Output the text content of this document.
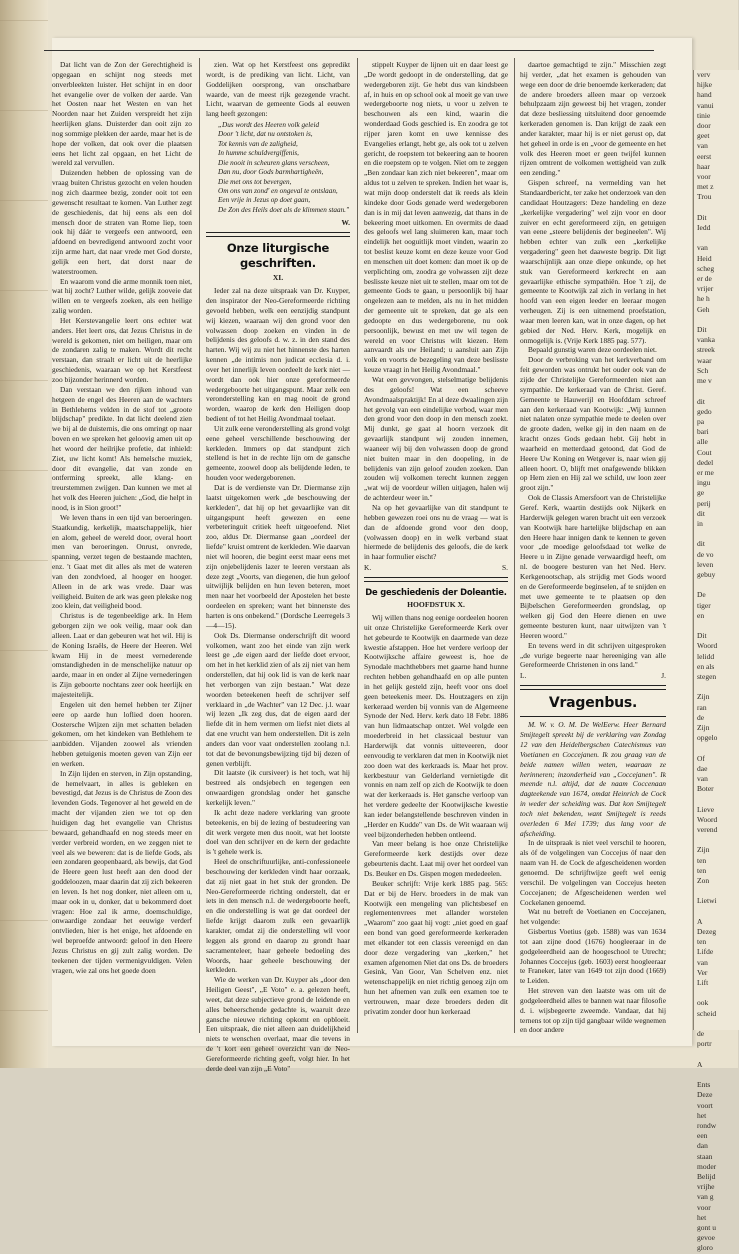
verv
hijke
hand
vanui
tinie
door
geet
van
eerst
haar
voor
met z
Trou

Dit
Iedd

van
Heid
scheg
er de
vrijer
he h
Geh

Dit
vanka
streek
waar
Sch
me v

dit
gedo
pa
bari
alle
Cout
dedel
er me
ingu
ge
perij
dit
in

dit
de vo
leven
gebuy

De
tiger
en

Dit
Woord
lelidd
en als
stegen

Zijn
ran
de
Zijn
opgelo

Of
dae
van
Boter

Lieve
Woord
verend

Zijn
ten
ten
Zon

Lietwi

A
Dezeg
ten
Lifde
van
Ver
Lift

ook
scheid

de
portr

A

Ents
Deze
voort
het
rondw
een
dan
staan
moder
Belijd
vrijhe
van g
voor
het
gont u
gevoe
gloro

Dat licht van de Zon der Gerechtigheid is opgegaan en schijnt nog steeds met onverbleekten luister. Het schijnt in en door het evangelie over de volken der aarde. Van het Oosten naar het Westen en van het Noorden naar het Zuiden verspreidt het zijn heerlijken glans. Duisterder dan ooit zijn zo nog sommige plekken der aarde, maar het is de hope der volken, dat ook over die plaatsen eens het licht zal opgaan, en het Licht de wereld zal vervullen.

Duizenden hebben de oplossing van de vraag buiten Christus gezocht en velen houden nog zich daarmee bezig, zonder ooit tot een gewenscht resultaat te komen. Van Luther zegt de geschiedenis, dat hij eens als een dol mensch door de straten van Rome liep, toen ook hij dáár te vergeefs een antwoord, een afdoend en bevredigend antwoord zocht voor zijn arme hart, dat naar vrede met God dorste, gelijk een hert, dat dorst naar de waterstroomen.

En waarom vond die arme monnik toen niet, wat hij zocht? Luther wilde, gelijk zooveie dat willen en te vergeefs zoeken, als een heilige zalig worden.

Het Kerstevangelie leert ons echter wat anders. Het leert ons, dat Jezus Christus in de wereld is gekomen, niet om heiligen, maar om de zondaren zalig te maken. Wordt dit recht verstaan, dan straalt er licht uit de heerlijke geschiedenis, waaraan we op het Kerstfeest zoo bijzonder herinnerd worden.

Dan verstaan we den rijken inhoud van hetgeen de engel des Heeren aan de wachters in Bethlehems velden in de stof tot „groote blijdschap" predikte. In dat licht deelend zien we bij al de duisternis, die ons omringt op naar boven en we spreken het geloovig amen uit op het woord der heilrijke profetie, dat inhield: Ziet, uw licht komt! Als hemelsche muziek, door dit evangelie, dat van zonde en ontferming spreekt, alle klang- en treurstemmen zwijgen. Dan kunnen we met al het volk des Heeren juichen: „God, die helpt in nood, is in Sion groot!"

We leven thans in een tijd van beroeringen. Staatkundig, kerkelijk, maatschappelijk, hier en alom, geheel de wereld door, overal hoort men van beroeringen. Onrust, onvrede, spanning, verzet tegen de bestaande machten, enz. 't Gaat met dit alles als met de wateren van den zondvloed, al hooger en hooger. Alleen in de ark was vrede. Daar was veiligheid. Buiten de ark was geen plekske nog zoo klein, dat veiligheid bood.

Christus is de tegenbeeldige ark. In Hem geborgen zijn we ook veilig, maar ook dan alleen. Laat er dan gebeuren wat het wil. Hij is de Koning Israëls, de Heere der Heeren. Wel kwam Hij in de meest vernederende omstandigheden in de menschelijke natuur op aarde, maar in en onder al Zijne vernederingen is Zijn geboorte nochtans zeer ook heerlijk en majesteitelijk.

Engelen uit den hemel hebben ter Zijner eere op aarde hun loflied doen hooren. Oostersche Wijzen zijn met schatten beladen gekomen, om het kindeken van Bethlehem te aanbidden. Vijanden zoowel als vrienden hebben getuigenis moeten geven van Zijn eer en werken.

In Zijn lijden en sterven, in Zijn opstanding, de hemelvaart, in alles is gebleken en bevestigd, dat Jezus is de Christus de Zoon des levenden Gods. Tegenover al het geweld en de macht der vijanden zien we tot op den huidigen dag het evangelie van Christus bewaard, gehandhaafd en nog steeds meer en verder verbreid worden, en we zeggen niet te veel als we beweren: dat is de liefde Gods, als een zondaren geopenbaard, als bewijs, dat God de Heere geen lust heeft aan den dood der goddeloozen, maar daarin dat zij zich bekeeren en leven. Is het nog donker, niet alleen om u, maar ook in u, donker, dat u bekommerd doet vragen: Hoe zal ik arme, doemschuldige, onwaardige zondaar het eeuwige verderf ontvlieden, hier is het enige, het afdoende en wel beproefde antwoord: geloof in den Heere Jezus Christus en gij zult zalig worden. De teekenen der tijden vermenigvuldigen. Velen vragen, wie zal ons het goede doen

zien. Wat op het Kerstfeest ons gepredikt wordt, is de prediking van licht. Licht, van Goddelijken oorsprong, van onschatbare waarde, van de meest rijk gezegende vracht. Licht, waarvan de gemeente Gods al eeuwen lang heeft gezongen:

„Dus wordt des Heeren volk geleid
Door 't licht, dat nu ontstoken is,
Tot kennis van de zaligheid,
In humme schuldvergiffenis,
Die nooit in scheuren glans verscheen,
Dan nu, door Gods barmhartigheën,
Die met ons tot bevergen,
Om ons van zond' en ongeval te ontslaan,
Een vrije in Jezus op doet gaan,
De Zon des Heils doet als de klimmen staan."
W.
Onze liturgische geschriften.
XI.

Ieder zal na deze uitspraak van Dr. Kuyper, den inspirator der Neo-Gereformeerde richting gevoeld hebben, welk een eenzijdig standpunt wij kiezen, waaraan wij den grond voor den volwassen doop zoeken en vinden in de belijdenis des geloofs d. w. z. in den stand des harten. Wij wij zu niet het hinnenste des harten kennen „de intimis non judicat ecclesia d. i. over het innerlijk leven oordeelt de kerk niet — wordt dan ook hier onze gereformeerde wedergeboorte het uitgangspunt. Maar zelk een veronderstelling kan en mag nooit de grond worden, waarop de kerk den Heiligen doop bedient of tot het Heilig Avondmaal toelaat.

Uit zulk eene veronderstelling als grond volgt eene geheel verschillende beschouwing der kerkleden. Immers op dat standpunt zich stellend is het in de rechte lijn om de gansche gemeente, zoowel doop als belijdende leden, te houden voor wedergeborenen.

Dat is de verdienste van Dr. Diermanse zijn laatst uitgekomen werk „de beschouwing der kerkleden", dat hij op het gevaarlijke van dit uitgangspunt heeft gewezen en eene verbeteringuit critiek heeft uitgeoefend. Niet zoo, aldus Dr. Diermanse gaan „oordeel der liefde" kruist omtrent de kerkleden. Wie daarvan niet wil hooren, die begint eerst maar eens met zijn onjebelijdenis lazer te leeren verstaan als deze zegt „Voorts, van diegenen, die hun geloof uitwijlijk belijden en hun leven beteren, moet men naar het voorbeeld der Apostelen het beste oordeelen en spreken; want het binnenste des harten is ons onbekend." (Dordsche Leerregels 3—4—15).

Ook Ds. Diermanse onderschrijft dit woord volkomen, want zoo het einde van zijn werk leest ge „de eigen aard der liefde doet ervoor, om het in het kerklid zien of als zij niet van hem onderstellen, dat hij ook lid is van de kerk naar het verborgen van zijn bestaan." Wat deze woorden beteekenen heeft de schrijver self verklaard in „de Wachter" van 12 Dec. j.l. waar wij lezen „Ik zeg dus, dat de eigen aard der liefde dit in hem vermen om liefst niet diets al dat ene vrucht van hem onderstellen. Dit is zeln anders dan voor vaat onderstellen zoolang n.l. tot dat de bevonungsbewijzing tijd bij dezen of genen verblijft.

Dit laatste (ik cursiveer) is het toch, wat hij bestreed als ondsjebech en tegengen een onwaardigen grondslag onder het gansche kerkelijk leven."

Ik acht deze nadere verklaring van groote beteekenis, en bij de lezing of bestudeering van dit werk vergete men dus nooit, wat het lootste doel van den schrijver en de kern der gedachte is 't gehele werk is.

Heel de onschriftuurlijke, anti-confessioneele beschouwing der kerkleden vindt haar oorzaak, dat zij niet gaat in het stuk der gronden. De Neo-Gereformeerde richting onderstelt, dat er iets in den mensch n.l. de wedergeboorte heeft, en die onderstelling is wat ge dat oordeel der liefde krijgt daarom zulk een gevaarlijk karakter, omdat zij die onderstelling wil voor leggen als grond en daarop zu grondt haar sacramenteleer, haar geheele bedoeling des Woords, haar geheele beschouwing der kerkleden.

Wie de werken van Dr. Kuyper als „door den Heiligen Geest", „E Voto" e. a. gelezen heeft, weet, dat deze subjectieve grond de leidende en alles beheerschende gedachte is, waaruit deze gansche nieuwe richting opkomt en opbloeit. Een uitspraak, die niet alleen aan duidelijkheid niets te wenschen overlaat, maar die tevens in de 't kort een geheel overzicht van de Neo-Gereformeerde richting geeft, volgt hier. In het derde deel van zijn „E Voto"

stippelt Kuyper de lijnen uit en daar leest ge „De wordt gedoopt in de onderstelling, dat ge wedergeboren zijt. Ge hebt dus van kindsbeen af, in huis en op school ook al moeit ge van uwe wedergeboorte nog niets, u voor u zelven te beschouwen als een kind, waarin die wonderdaad Gods geschied is. En zoodra ge tot rijper jaren komt en uwe kennisse des Evangelies erlangt, hebt ge, als ook tot u zelven gericht, de roepstem tot bekeering aan te hooren en die roepstem op te volgen. Niet om te zeggen „Ben zondaar kan zich niet bekeeren", maar om aldus tot u zelven te spreken. Indien het waar is, wat mijn doop onderstelt dat ik reeds als klein kindeke door Gods genade werd wedergeboren dan is in mij dat leven aanwezig, dat thans in de bekeering moet uitkomen. En overmits de daad des geloofs wel lang sluimeren kan, maar toch eindelijk het ooguitlijk moet vinden, waarin zo tot beslist keuze komt en deze keuze voor God en menschen uit doet komen: dan moet ik op de verplichting om, zoodra ge volwassen zijt deze beslisste keuze niet uit te stellen, maar om tot de gemeente Gods te gaan, u persoonlijk bij haar ongelezen aan te melden, als nu in het midden der gemeente uit te spreken, dat ge als een gedoopte en dus wedergeborene, nu ook persoonlijk, bewust en met uw wil tegen de wereld en voor Christus wilt kiezen. Hem aanvaardt als uw Heiland; u aansluit aan Zijn volk en voorts de bezegeling van deze beslisste keuze vraagt in het Heilig Avondmaal."

Wat een gevvongen, stelselmatige belijdenis des geloofs! Wat een scheeve Avondmaalspraktijk! En al deze dwaalingen zijn het gevolg van een eindelijke verbod, waar men den grond voor den doop in den mensch zoekt. Mij dunkt, ge gaat al hoorn verzoek dit gevaarlijk standpunt wij zouden innemen, waaneer wij bij den volwassen doop de grond niet buiten maar in den doopeling, in de belijdenis van zijn geloof zouden zoeken. Dan zouden wij volkomen terecht kunnen zeggen „wat wij de voordeur willen uitjagen, halen wij de achterdeur weer in."

Na op het gevaarlijke van dit standpunt te hebben gewezen roei ons nu de vraag — wat is dan de afdoende grond voor den doop, (volwassen doop) en in welk verband staat hiermede de belijdenis des geloofs, die de kerk in haar formulier eischt?

K.	S.
De geschiedenis der Doleantie.
HOOFDSTUK X.

Wij willen thans nog eenige oordeelen hooren uit onze Christelijke Gereformeerde Kerk over het gebeurde te Kootwijk en daarmede van deze kwestie afstappen. Hoe het verdere verloop der Kootwijksche affaire geweest is, hoe de Synodale machthebbers met gaarne hand hunne rechten hebben gehandhaafd en op alle punten in het gelijk gesteld zijn, heeft voor ons doel geen beteekenis meer. Ds. Houtzagers en zijn kerkeraad werden bij vonnis van de Algemeene Synode der Ned. Herv. kerk dato 18 Febr. 1886 van hun lidmaatschap ontzet. Wel volgde een moederbreid in het classicaal bestuur van Harderwijk dat vonnis uitteveeren, door eenvoudig te verklaren dat men in Kootwijk niet zoo doen wat des kerkraads is. Maar het prov. kerkbestuur van Gelderland vernietigde dit vonnis en nam zelf op zich de Kootwijk te doen wat der kerkeraads is. Het gansche verloop van het verdere gedeelte der Kootwijksche kwestie kan ieder belangstellende beschreven vinden in „Herder en Kudde" van Ds. de Wit waaraan wij veel bijzonderheden hebben ontleend.

Van meer belang is hoe onze Christelijke Gereformeerde kerk destijds over deze gebeurtenis dacht. Laat mij over het oordeel van Ds. Beuker en Ds. Gispen mogen mededeelen.

Beuker schrijft: Vrije kerk 1885 pag. 565: Dat er bij de Herv. broeders in de mak van Kootwijk een mengeling van plichtsbesef en reglementenvrees met allander worstelen „Waarom" zoo gaat hij vogt: „niet goed en gaaf een bond van goed gereformeerde kerkeraden met elkander tot een classis vereenigd en dan door deze vergadering van „kerken," het examen afgenomen Niet dat ons Ds. de broeders Gesink, Van Goor, Van Schelven enz. niet wetenschappelijk en niet richtig genoeg zijn om hun het afnemen van zulk een examen toe te vertrouwen, maar deze broeders deden dit privatim zonder door hun kerkeraad

daartoe gemachtigd te zijn." Misschien zegt hij verder, „dat het examen is gehouden van wege een door de drie benoemde kerkeraden; dat de andere broeders alleen maar op verzoek behulpzaam zijn geweest bij het vragen, zonder dat deze besliessing uitsluitend door genoemde kerkeraden genomen is. Dan krijgt de zaak een ander karakter, maar hij is er niet gerust op, dat het geheel in orde is en „voor de gemeente en het volk des Heeren moet er geen twijfel kunnen rijzen omtrent de volkomen wettigheid van zulk een zending."

Gispen schreef, na vermelding van het Standaardbericht, ter zake het onderzoek van den candidaat Houtzagers: Deze handeling en deze „kerkelijke vergadering" wel zijn voor en door zuiver en echt gereformeerd zijn, en getuigen van eene „steere belijdenis der begineelen". Wij hebben echter van zulk een „kerkelijke vergadering" geen het daaweste begrip. Dit ligt waarschijnlijk aan onze diepe onkunde, op het stuk van Gereformeerd kerkrecht en aan gevaarlijke ethische sympathiën. Hoe 't zij, de gemeente te Kootwijk zal zich in verlang in het hoofd van een eigen leeder en leeraar mogen verheugen. Zij is een uitnemend proefstation, waar men leeren kan, wat in onze dagen, op het gebied der Ned. Herv. Kerk, mogelijk en onmogelijk is. (Vrije Kerk 1885 pag. 577).

Bepaald gunstig waren deze oordeelen niet.

Door de verbroking van het kerkverband om feit geworden was ontrukt het ouder ook van de zijde der Christelijke Gereformeerden niet aan sympathie. De kerkeraad van de Christ. Geref. Gemeente te Hauwerijl en Hoofddam schreef aan den kerkeraad van Kootwijk: „Wij kunnen niet nalaten onze sympathie mede te deelen over de groote daden, welke gij in den naam en de kracht onzes Gods gedaan hebt. Gij hebt in waarheid en metterdaad getoond, dat God de Heere Uw Koning en Wetgever is, naar wien gij alleen hoort. O, blijft met onafgewende blikken op Hem zien en Hij zal we schild, uw loon zeer groot zijn."

Ook de Classis Amersfoort van de Christelijke Geref. Kerk, waartin destijds ook Nijkerk en Harderwijk gelegen waren bracht uit een verzoek van Kootwijk hare hartelijke blijdschap en aan den Heere haar innigen dank te kennen te geven voor „de moedige geloofsdaad tot welke de Heere u in Zijne genade verwaardigd heeft, om nl. de boogere besturen van het Ned. Herv. Kerkgenootschap, als strijdig met Gods woord en de Gereformeerde beginselen, af te snijden en met uwe gemeente te te plaatsen op den Bijbelschen Gereformeerden grondslag, op welken gij God den Heere dienen en uwe gemeente besturen kunt, naar uitwijzen van 't Heeren woord."

En tevens werd in dit schrijven uitgesproken „de vurige begeerte naar hereeniging van alle Gereformeerde Christenen in ons land."

L.	J.
Vragenbus.

M. W. v. O. M. De WelEerw. Heer Bernard Smijtegelt spreekt bij de verklaring van Zondag 12 van den Heidelbergschen Catechismus van Voetianen en Coccejanen. Ik zou graag van de beide namen willen weten, waaraan ze herinneren; inzonderheid van „Coccejanen". Ik meende n.l. altijd, dat de naam Coccenaan dagteekende van 1674, omdat Heinrich de Cock in weder der scheiding was. Dat kon Smijtegelt toch niet bekenden, want Smijtegelt is reeds overleden 6 Mei 1739; dus lang voor de afscheiding.

In de uitspraak is niet veel verschil te hooren, als óf de volgelingen van Coccejus óf naar den naam van H. de Cock de afgescheidenen worden genoemd. De schrijftwijze geeft wel eenig verschil. De volgelingen van Coccejus heeten Coccejanen; de Afgescheidenen werden wel Cockelanen genoemd.

Wat nu betreft de Voetianen en Coccejanen, het volgende:

Gisbertus Voetius (geb. 1588) was van 1634 tot aan zijne dood (1676) hoogleeraar in de godgeleerdheid aan de hoogeschool te Utrecht; Johannes Coccejus (geb. 1603) eerst hoogleeraar te Franeker, later van 1649 tot zijn dood (1669) te Leiden.

Het streven van den laatste was om uit de godgeleerdheid alles te bannen wat naar filosofie d. i. wijsbegeerte zweemde. Vandaar, dat hij ternens tot op zijn tijd gangbaar wilde wegnemen en door andere
